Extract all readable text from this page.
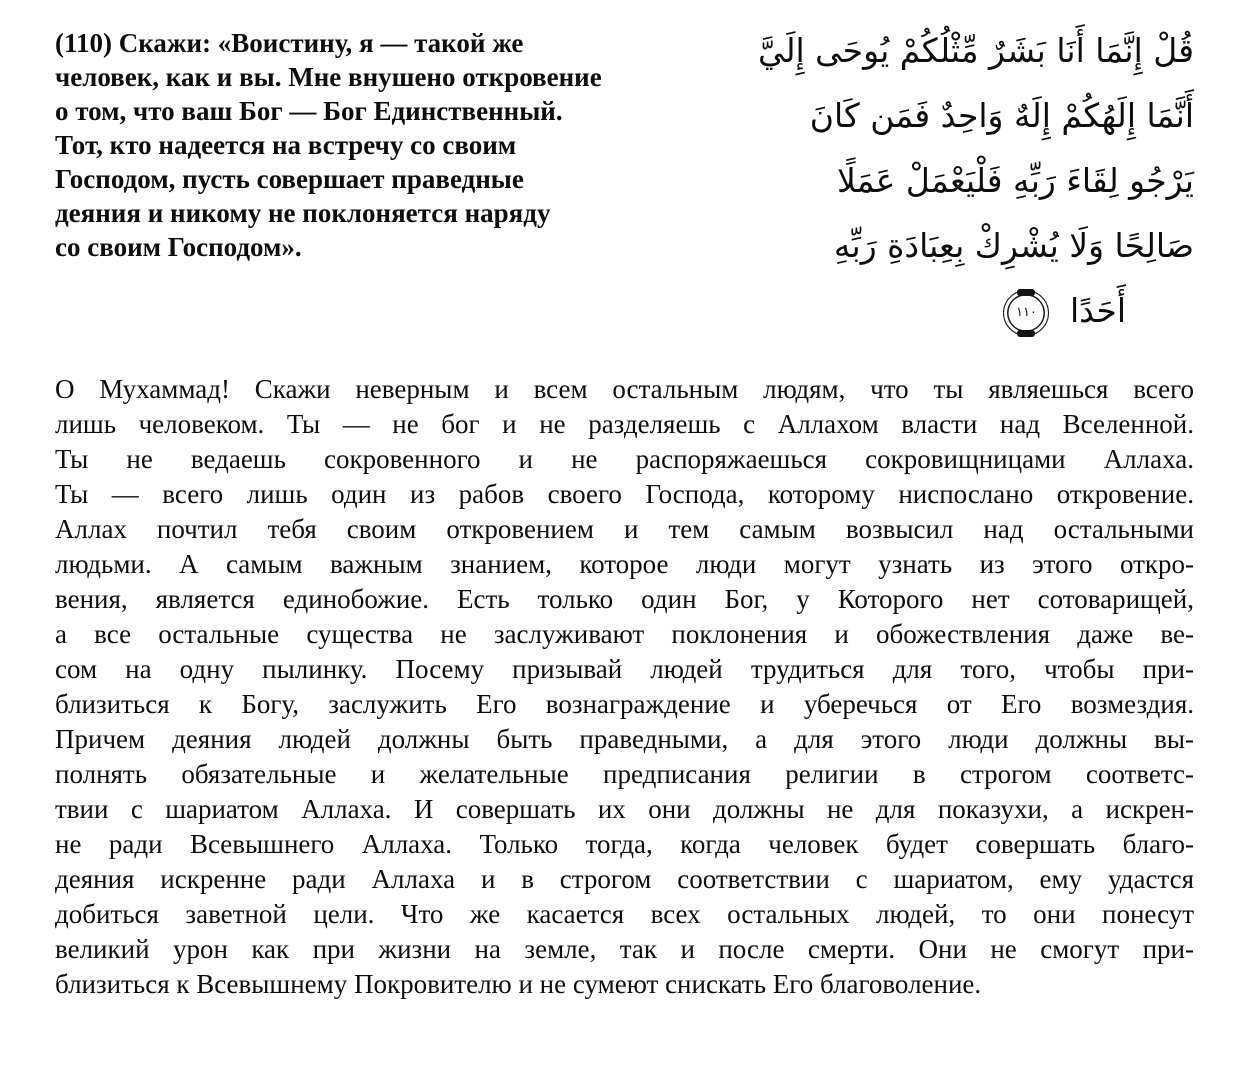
(110) Скажи: «Воистину, я — такой же
человек, как и вы. Мне внушено откровение
о том, что ваш Бог — Бог Единственный.
Тот, кто надеется на встречу со своим
Господом, пусть совершает праведные
деяния и никому не поклоняется наряду
со своим Господом».
قُلْ إِنَّمَا أَنَا بَشَرٌ مِّثْلُكُمْ يُوحَى إِلَيَّ
أَنَّمَا إِلَهُكُمْ إِلَهٌ وَاحِدٌ فَمَن كَانَ
يَرْجُو لِقَاءَ رَبِّهِ فَلْيَعْمَلْ عَمَلًا
صَالِحًا وَلَا يُشْرِكْ بِعِبَادَةِ رَبِّهِ
أَحَدًا
١١٠
О Мухаммад! Скажи неверным и всем остальным людям, что ты являешься всего
лишь человеком. Ты — не бог и не разделяешь с Аллахом власти над Вселенной.
Ты не ведаешь сокровенного и не распоряжаешься сокровищницами Аллаха.
Ты — всего лишь один из рабов своего Господа, которому ниспослано откровение.
Аллах почтил тебя своим откровением и тем самым возвысил над остальными
людьми. А самым важным знанием, которое люди могут узнать из этого откро-
вения, является единобожие. Есть только один Бог, у Которого нет сотоварищей,
а все остальные существа не заслуживают поклонения и обожествления даже ве-
сом на одну пылинку. Посему призывай людей трудиться для того, чтобы при-
близиться к Богу, заслужить Его вознаграждение и уберечься от Его возмездия.
Причем деяния людей должны быть праведными, а для этого люди должны вы-
полнять обязательные и желательные предписания религии в строгом соответс-
твии с шариатом Аллаха. И совершать их они должны не для показухи, а искрен-
не ради Всевышнего Аллаха. Только тогда, когда человек будет совершать благо-
деяния искренне ради Аллаха и в строгом соответствии с шариатом, ему удастся
добиться заветной цели. Что же касается всех остальных людей, то они понесут
великий урон как при жизни на земле, так и после смерти. Они не смогут при-
близиться к Всевышнему Покровителю и не сумеют снискать Его благоволение.
